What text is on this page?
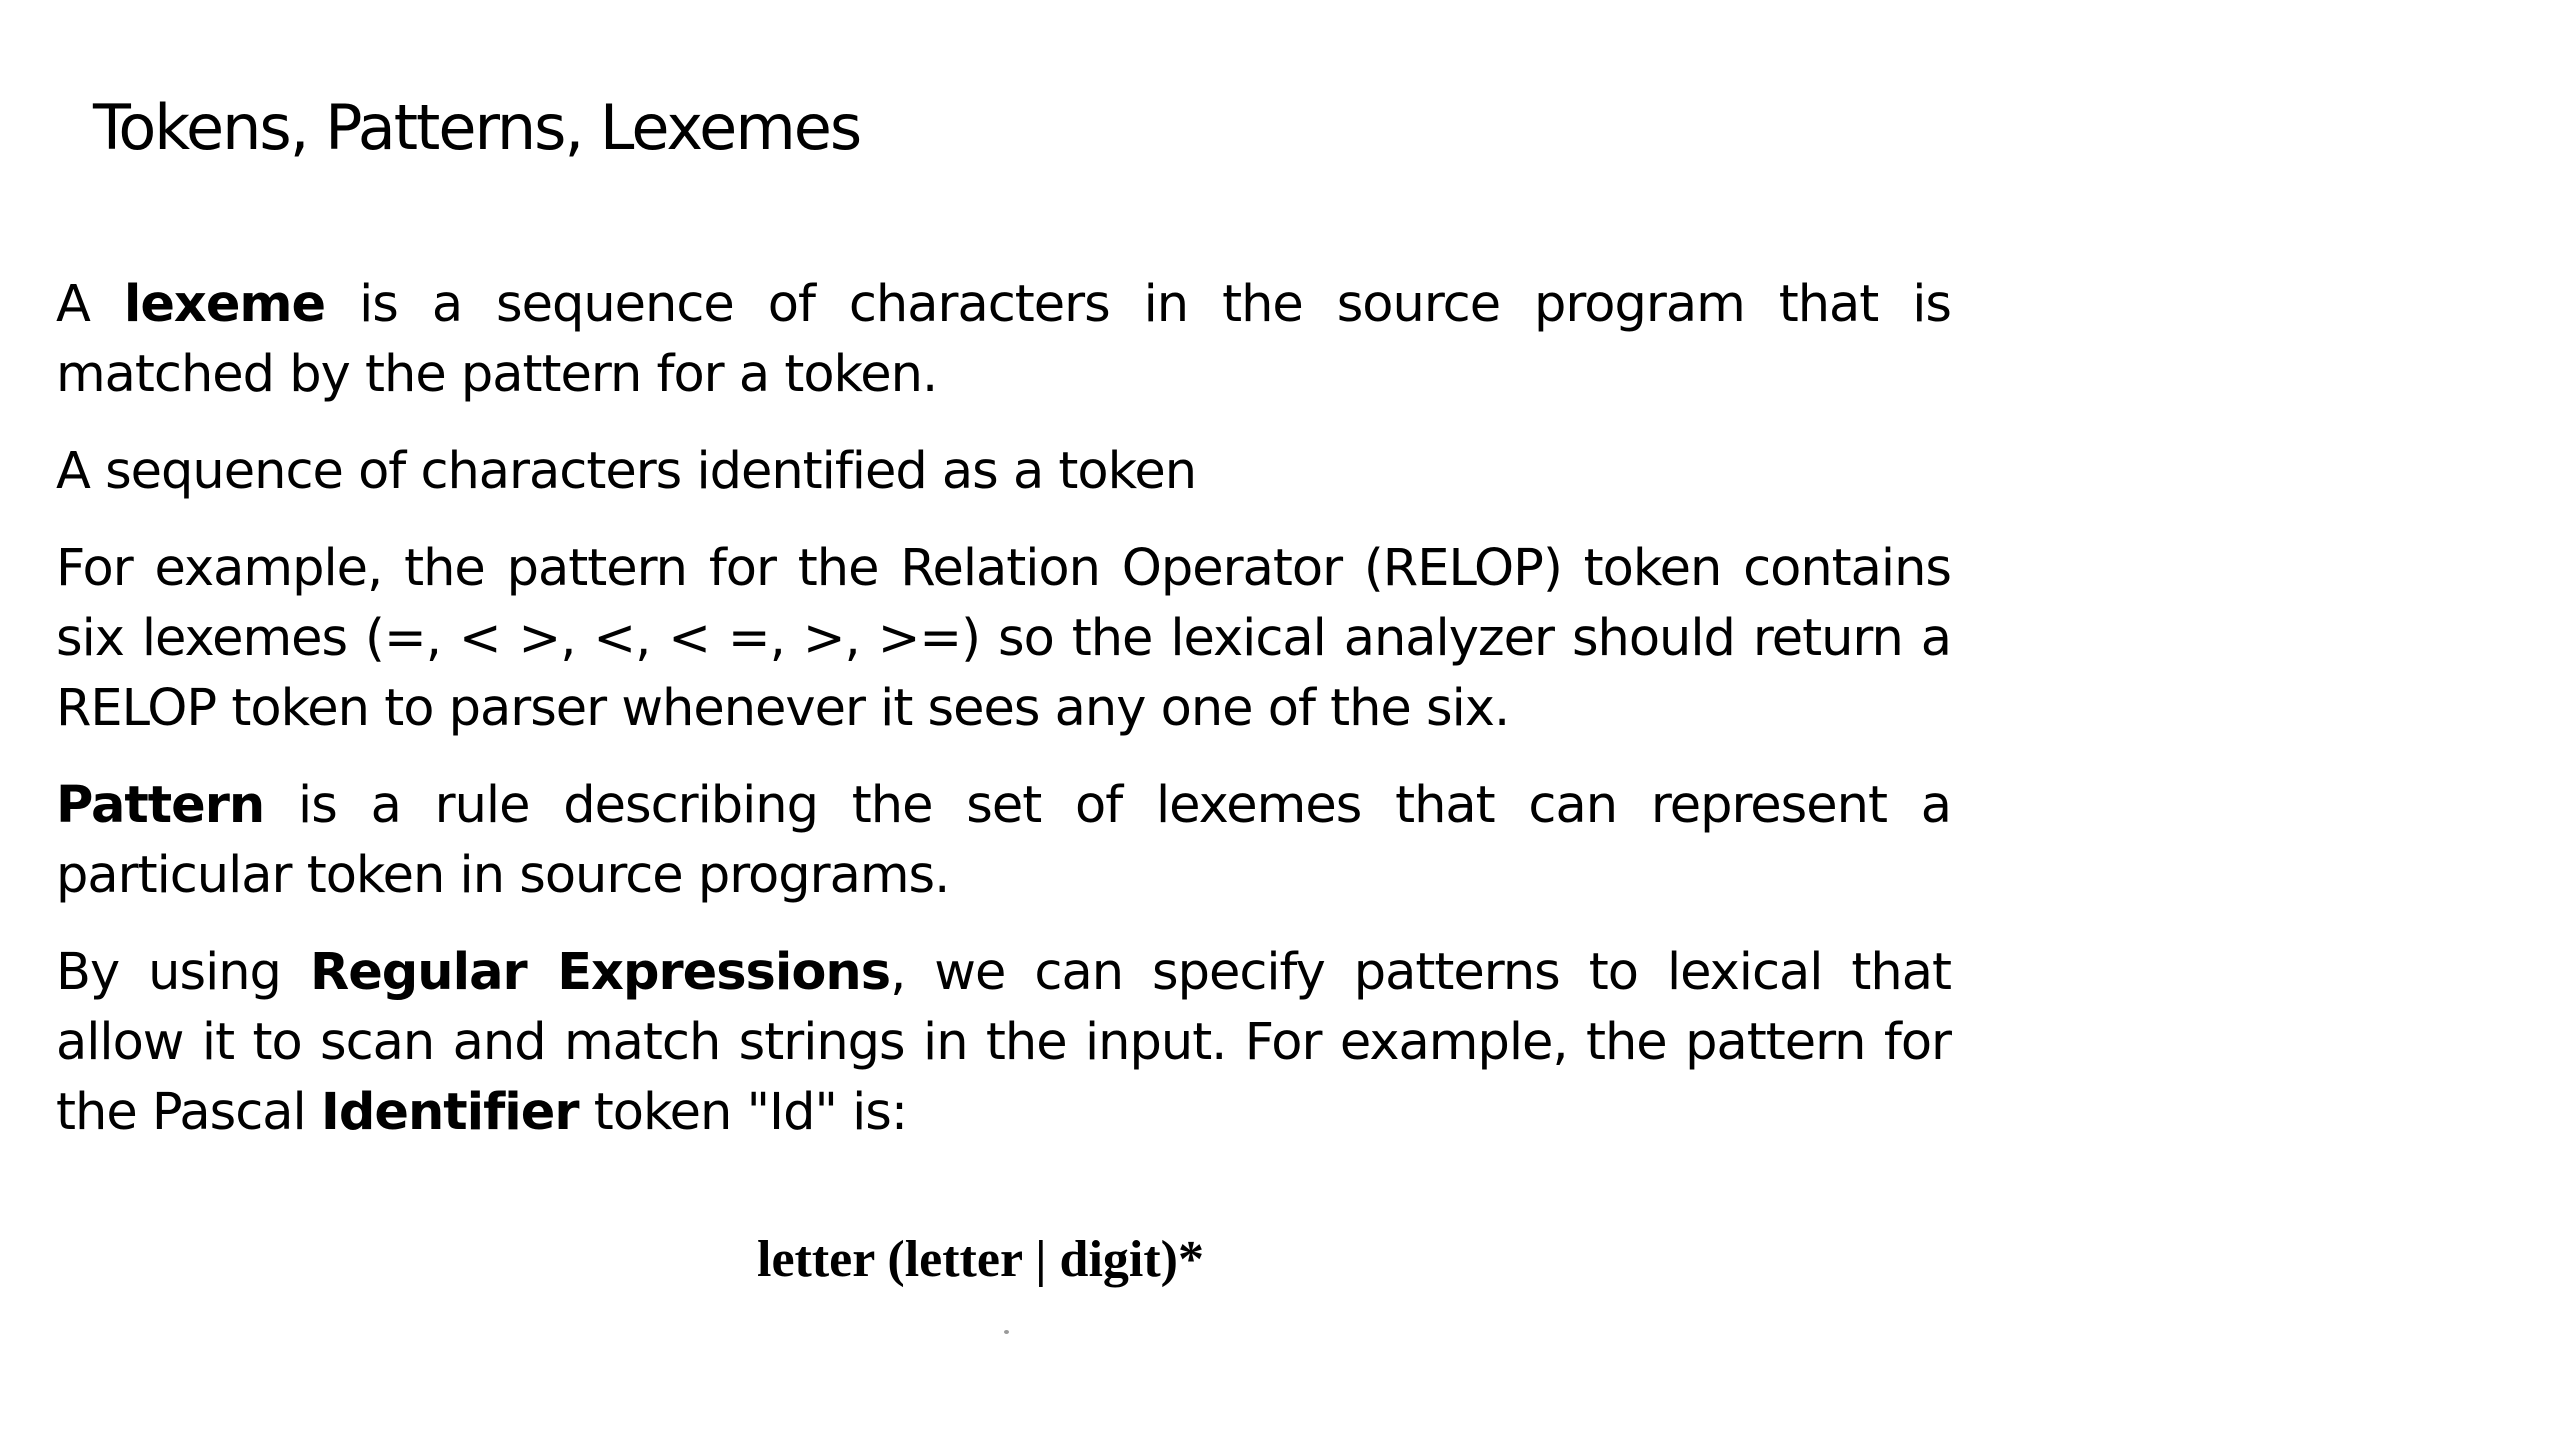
Tokens, Patterns, Lexemes

A lexeme is a sequence of characters in the source program that is matched by the pattern for a token.

A sequence of characters identified as a token

For example, the pattern for the Relation Operator (RELOP) token contains six lexemes (=, < >, <, < =, >, >=) so the lexical analyzer should return a RELOP token to parser whenever it sees any one of the six.

Pattern is a rule describing the set of lexemes that can represent a particular token in source programs.

By using Regular Expressions, we can specify patterns to lexical that allow it to scan and match strings in the input. For example, the pattern for the Pascal Identifier token "Id" is:

letter (letter | digit)*
